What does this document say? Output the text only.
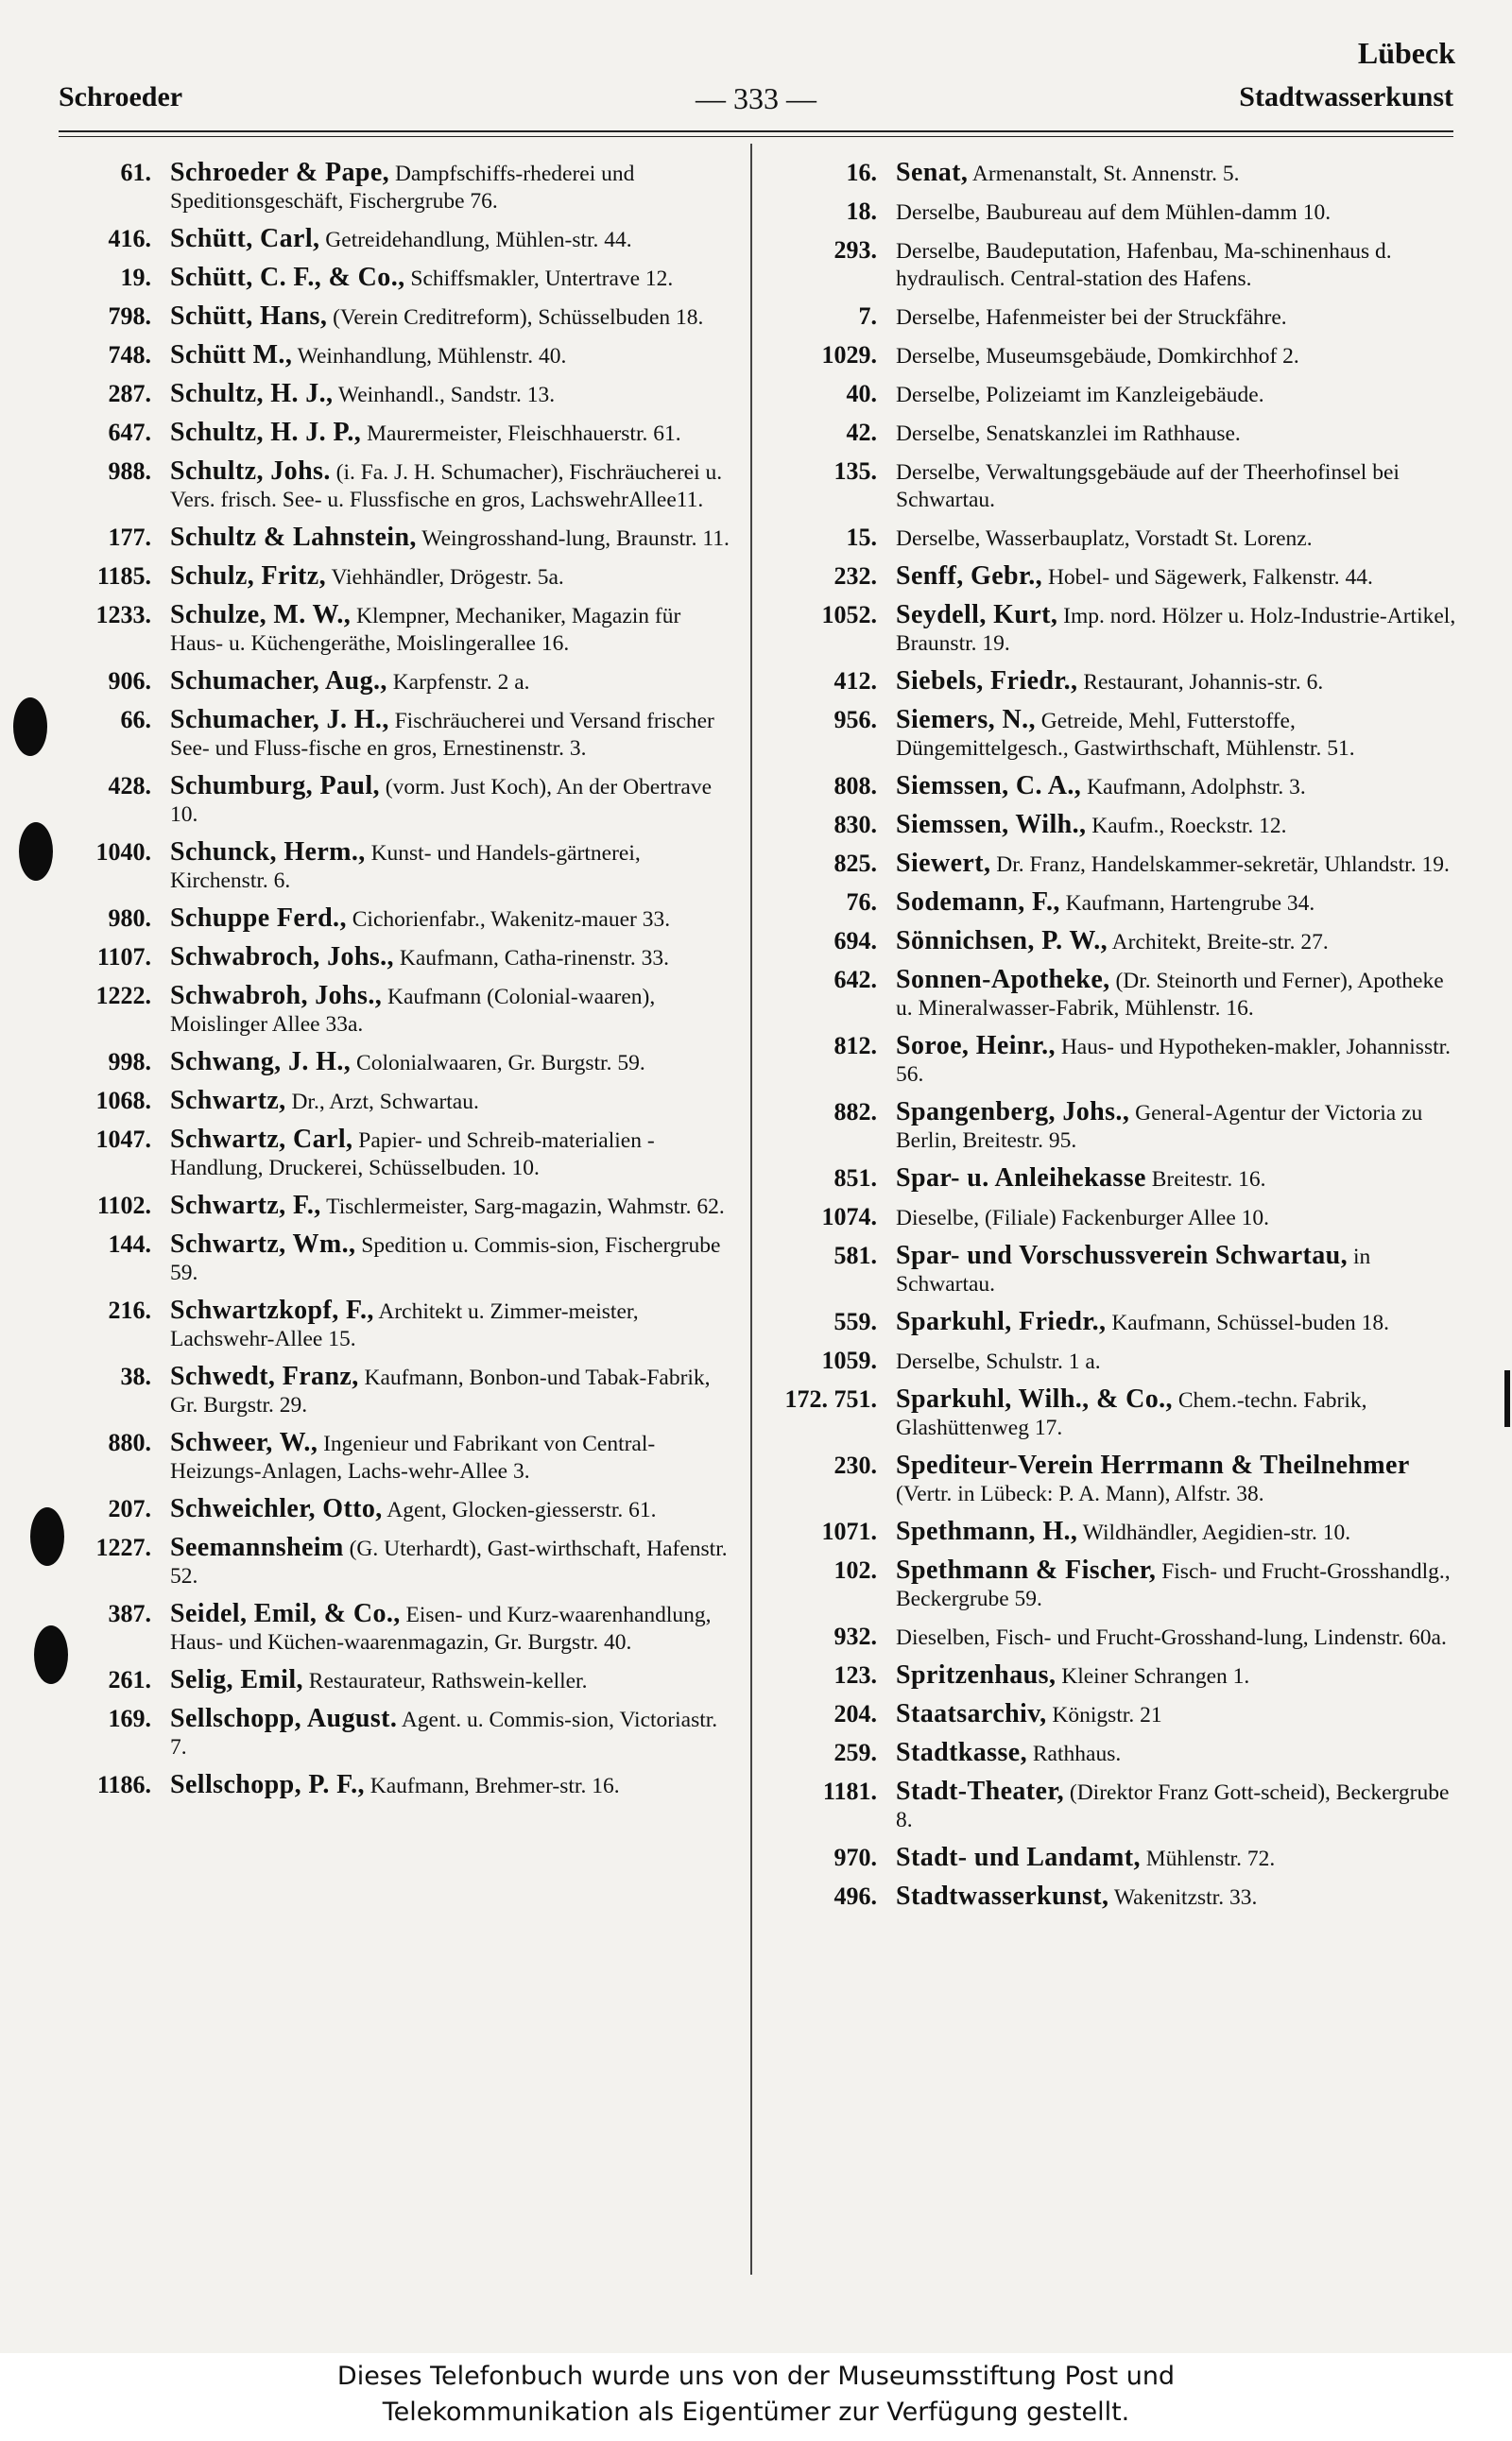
Lübeck
Schroeder	— 333 —	Stadtwasserkunst
61. Schroeder & Pape, Dampfschiffs-rhederei und Speditionsgeschäft, Fischergrube 76.
416. Schütt, Carl, Getreidehandlung, Mühlen-str. 44.
19. Schütt, C. F., & Co., Schiffsmakler, Untertrave 12.
798. Schütt, Hans, (Verein Creditreform), Schüsselbuden 18.
748. Schütt M., Weinhandlung, Mühlenstr. 40.
287. Schultz, H. J., Weinhandl., Sandstr. 13.
647. Schultz, H. J. P., Maurermeister, Fleischhauerstr. 61.
988. Schultz, Johs. (i. Fa. J. H. Schumacher), Fischräucherei u. Vers. frisch. See- u. Flussfische en gros, LachswehrAllee11.
177. Schultz & Lahnstein, Weingrosshand-lung, Braunstr. 11.
1185. Schulz, Fritz, Viehhändler, Drögestr. 5a.
1233. Schulze, M. W., Klempner, Mechaniker, Magazin für Haus- u. Küchengeräthe, Moislingerallee 16.
906. Schumacher, Aug., Karpfenstr. 2 a.
66. Schumacher, J. H., Fischräucherei und Versand frischer See- und Fluss-fische en gros, Ernestinenstr. 3.
428. Schumburg, Paul, (vorm. Just Koch), An der Obertrave 10.
1040. Schunck, Herm., Kunst- und Handels-gärtnerei, Kirchenstr. 6.
980. Schuppe Ferd., Cichorienfabr., Wakenitz-mauer 33.
1107. Schwabroch, Johs., Kaufmann, Catha-rinenstr. 33.
1222. Schwabroh, Johs., Kaufmann (Colonial-waaren), Moislinger Allee 33a.
998. Schwang, J. H., Colonialwaaren, Gr. Burgstr. 59.
1068. Schwartz, Dr., Arzt, Schwartau.
1047. Schwartz, Carl, Papier- und Schreib-materialien - Handlung, Druckerei, Schüsselbuden. 10.
1102. Schwartz, F., Tischlermeister, Sarg-magazin, Wahmstr. 62.
144. Schwartz, Wm., Spedition u. Commis-sion, Fischergrube 59.
216. Schwartzkopf, F., Architekt u. Zimmer-meister, Lachswehr-Allee 15.
38. Schwedt, Franz, Kaufmann, Bonbon-und Tabak-Fabrik, Gr. Burgstr. 29.
880. Schweer, W., Ingenieur und Fabrikant von Central-Heizungs-Anlagen, Lachs-wehr-Allee 3.
207. Schweichler, Otto, Agent, Glocken-giesserstr. 61.
1227. Seemannsheim (G. Uterhardt), Gast-wirthschaft, Hafenstr. 52.
387. Seidel, Emil, & Co., Eisen- und Kurz-waarenhandlung, Haus- und Küchen-waarenmagazin, Gr. Burgstr. 40.
261. Selig, Emil, Restaurateur, Rathswein-keller.
169. Sellschopp, August. Agent. u. Commis-sion, Victoriastr. 7.
1186. Sellschopp, P. F., Kaufmann, Brehmer-str. 16.
16. Senat, Armenanstalt, St. Annenstr. 5.
18. Derselbe, Baubureau auf dem Mühlen-damm 10.
293. Derselbe, Baudeputation, Hafenbau, Ma-schinenhaus d. hydraulisch. Central-station des Hafens.
7. Derselbe, Hafenmeister bei der Struckfähre.
1029. Derselbe, Museumsgebäude, Domkirchhof 2.
40. Derselbe, Polizeiamt im Kanzleigebäude.
42. Derselbe, Senatskanzlei im Rathhause.
135. Derselbe, Verwaltungsgebäude auf der Theerhofinsel bei Schwartau.
15. Derselbe, Wasserbauplatz, Vorstadt St. Lorenz.
232. Senff, Gebr., Hobel- und Sägewerk, Falkenstr. 44.
1052. Seydell, Kurt, Imp. nord. Hölzer u. Holz-Industrie-Artikel, Braunstr. 19.
412. Siebels, Friedr., Restaurant, Johannis-str. 6.
956. Siemers, N., Getreide, Mehl, Futterstoffe, Düngemittelgesch., Gastwirthschaft, Mühlenstr. 51.
808. Siemssen, C. A., Kaufmann, Adolphstr. 3.
830. Siemssen, Wilh., Kaufm., Roeckstr. 12.
825. Siewert, Dr. Franz, Handelskammer-sekretär, Uhlandstr. 19.
76. Sodemann, F., Kaufmann, Hartengrube 34.
694. Sönnichsen, P. W., Architekt, Breite-str. 27.
642. Sonnen-Apotheke, (Dr. Steinorth und Ferner), Apotheke u. Mineralwasser-Fabrik, Mühlenstr. 16.
812. Soroe, Heinr., Haus- und Hypotheken-makler, Johannisstr. 56.
882. Spangenberg, Johs., General-Agentur der Victoria zu Berlin, Breitestr. 95.
851. Spar- u. Anleihekasse Breitestr. 16.
1074. Dieselbe, (Filiale) Fackenburger Allee 10.
581. Spar- und Vorschussverein Schwartau, in Schwartau.
559. Sparkuhl, Friedr., Kaufmann, Schüssel-buden 18.
1059. Derselbe, Schulstr. 1 a.
172. 751. Sparkuhl, Wilh., & Co., Chem.-techn. Fabrik, Glashüttenweg 17.
230. Spediteur-Verein Herrmann & Theilnehmer (Vertr. in Lübeck: P. A. Mann), Alfstr. 38.
1071. Spethmann, H., Wildhändler, Aegidien-str. 10.
102. Spethmann & Fischer, Fisch- und Frucht-Grosshandlg., Beckergrube 59.
932. Dieselben, Fisch- und Frucht-Grosshand-lung, Lindenstr. 60a.
123. Spritzenhaus, Kleiner Schrangen 1.
204. Staatsarchiv, Königstr. 21
259. Stadtkasse, Rathhaus.
1181. Stadt-Theater, (Direktor Franz Gott-scheid), Beckergrube 8.
970. Stadt- und Landamt, Mühlenstr. 72.
496. Stadtwasserkunst, Wakenitzstr. 33.
Dieses Telefonbuch wurde uns von der Museumsstiftung Post und
Telekommunikation als Eigentümer zur Verfügung gestellt.
